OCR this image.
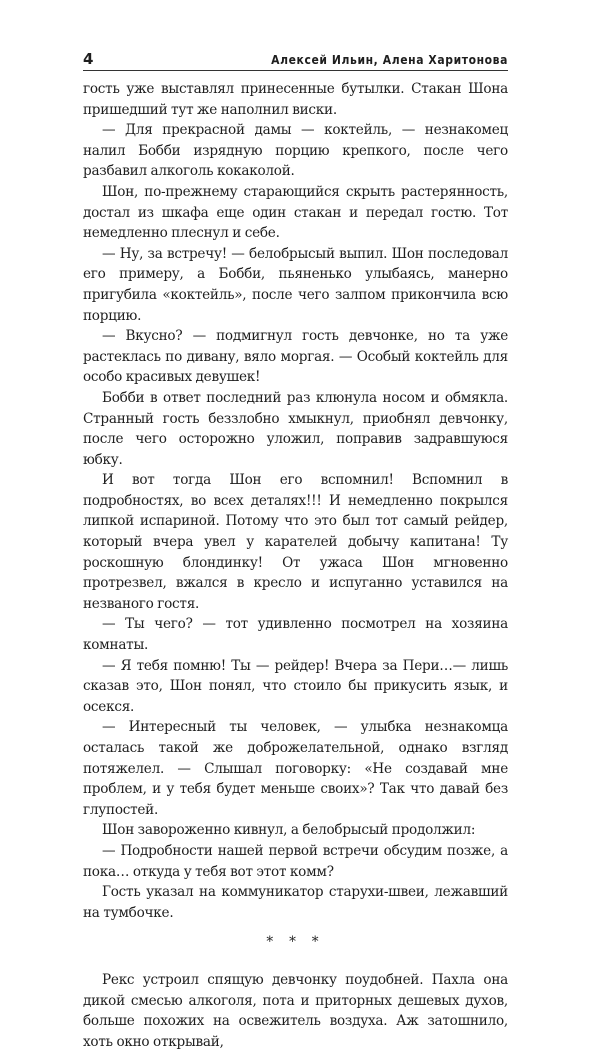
4	Алексей Ильин, Алена Харитонова

гость уже выставлял принесенные бутылки. Стакан Шона пришедший тут же наполнил виски.

— Для прекрасной дамы — коктейль, — незнакомец налил Бобби изрядную порцию крепкого, после чего разбавил алкоголь кокаколой.

Шон, по-прежнему старающийся скрыть растерянность, достал из шкафа еще один стакан и передал гостю. Тот немедленно плеснул и себе.

— Ну, за встречу! — белобрысый выпил. Шон последовал его примеру, а Бобби, пьяненько улыбаясь, манерно пригубила «коктейль», после чего залпом прикончила всю порцию.

— Вкусно? — подмигнул гость девчонке, но та уже растеклась по дивану, вяло моргая. — Особый коктейль для особо красивых девушек!

Бобби в ответ последний раз клюнула носом и обмякла. Странный гость беззлобно хмыкнул, приобнял девчонку, после чего осторожно уложил, поправив задравшуюся юбку.

И вот тогда Шон его вспомнил! Вспомнил в подробностях, во всех деталях!!! И немедленно покрылся липкой испариной. Потому что это был тот самый рейдер, который вчера увел у карателей добычу капитана! Ту роскошную блондинку! От ужаса Шон мгновенно протрезвел, вжался в кресло и испуганно уставился на незваного гостя.

— Ты чего? — тот удивленно посмотрел на хозяина комнаты.

— Я тебя помню! Ты — рейдер! Вчера за Пери…— лишь сказав это, Шон понял, что стоило бы прикусить язык, и осекся.

— Интересный ты человек, — улыбка незнакомца осталась такой же доброжелательной, однако взгляд потяжелел. — Слышал поговорку: «Не создавай мне проблем, и у тебя будет меньше своих»? Так что давай без глупостей.

Шон завороженно кивнул, а белобрысый продолжил:

— Подробности нашей первой встречи обсудим позже, а пока… откуда у тебя вот этот комм?

Гость указал на коммуникатор старухи-швеи, лежавший на тумбочке.

* * *

Рекс устроил спящую девчонку поудобней. Пахла она дикой смесью алкоголя, пота и приторных дешевых духов, больше похожих на освежитель воздуха. Аж затошнило, хоть окно открывай,
